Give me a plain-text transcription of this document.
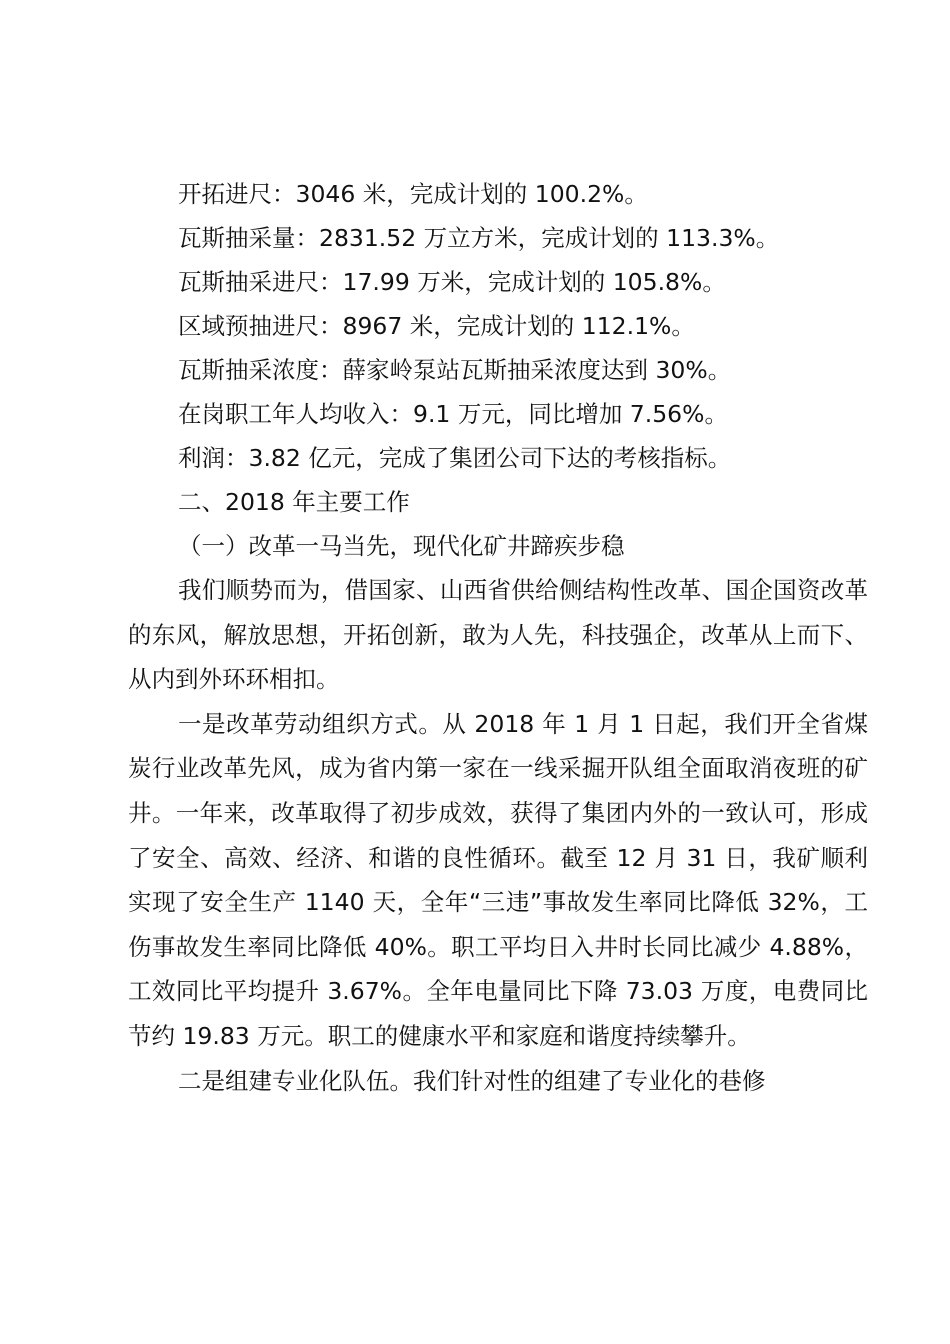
开拓进尺：3046 米，完成计划的 100.2%。

瓦斯抽采量：2831.52 万立方米，完成计划的 113.3%。

瓦斯抽采进尺：17.99 万米，完成计划的 105.8%。

区域预抽进尺：8967 米，完成计划的 112.1%。

瓦斯抽采浓度：薛家岭泵站瓦斯抽采浓度达到 30%。

在岗职工年人均收入：9.1 万元，同比增加 7.56%。

利润：3.82 亿元，完成了集团公司下达的考核指标。

二、2018 年主要工作

（一）改革一马当先，现代化矿井蹄疾步稳

我们顺势而为，借国家、山西省供给侧结构性改革、国企国资改革的东风，解放思想，开拓创新，敢为人先，科技强企，改革从上而下、从内到外环环相扣。

一是改革劳动组织方式。从 2018 年 1 月 1 日起，我们开全省煤炭行业改革先风，成为省内第一家在一线采掘开队组全面取消夜班的矿井。一年来，改革取得了初步成效，获得了集团内外的一致认可，形成了安全、高效、经济、和谐的良性循环。截至 12 月 31 日，我矿顺利实现了安全生产 1140 天，全年“三违”事故发生率同比降低 32%，工伤事故发生率同比降低 40%。职工平均日入井时长同比减少 4.88%，工效同比平均提升 3.67%。全年电量同比下降 73.03 万度，电费同比节约 19.83 万元。职工的健康水平和家庭和谐度持续攀升。

二是组建专业化队伍。我们针对性的组建了专业化的巷修
